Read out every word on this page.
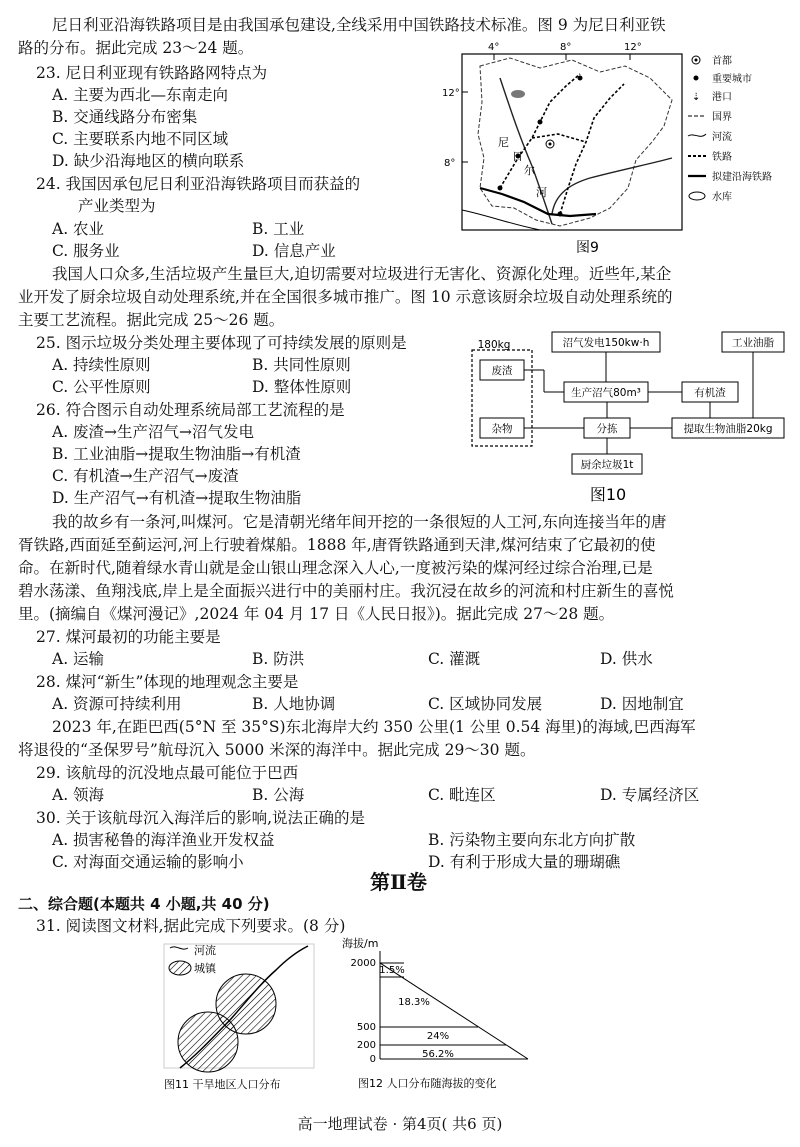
尼日利亚沿海铁路项目是由我国承包建设,全线采用中国铁路技术标准。图 9 为尼日利亚铁
路的分布。据此完成 23～24 题。
23. 尼日利亚现有铁路路网特点为
A. 主要为西北—东南走向
B. 交通线路分布密集
C. 主要联系内地不同区域
D. 缺少沿海地区的横向联系
24. 我国因承包尼日利亚沿海铁路项目而获益的
产业类型为
A. 农业	B. 工业
C. 服务业	D. 信息产业
4°	8°	12°
12°
8°
尼
日
尔
河
首都
重要城市
⇣ 港口
国界
河流
铁路
拟建沿海铁路
水库
图9
我国人口众多,生活垃圾产生量巨大,迫切需要对垃圾进行无害化、资源化处理。近些年,某企
业开发了厨余垃圾自动处理系统,并在全国很多城市推广。图 10 示意该厨余垃圾自动处理系统的
主要工艺流程。据此完成 25～26 题。
25. 图示垃圾分类处理主要体现了可持续发展的原则是
A. 持续性原则	B. 共同性原则
C. 公平性原则	D. 整体性原则
26. 符合图示自动处理系统局部工艺流程的是
A. 废渣→生产沼气→沼气发电
B. 工业油脂→提取生物油脂→有机渣
C. 有机渣→生产沼气→废渣
D. 生产沼气→有机渣→提取生物油脂
沼气发电150kw·h	工业油脂
180kg
废渣
生产沼气80m³	有机渣
杂物	分拣	提取生物油脂20kg
厨余垃圾1t
图10
我的故乡有一条河,叫煤河。它是清朝光绪年间开挖的一条很短的人工河,东向连接当年的唐
胥铁路,西面延至蓟运河,河上行驶着煤船。1888 年,唐胥铁路通到天津,煤河结束了它最初的使
命。在新时代,随着绿水青山就是金山银山理念深入人心,一度被污染的煤河经过综合治理,已是
碧水荡漾、鱼翔浅底,岸上是全面振兴进行中的美丽村庄。我沉浸在故乡的河流和村庄新生的喜悦
里。(摘编自《煤河漫记》,2024 年 04 月 17 日《人民日报》)。据此完成 27～28 题。
27. 煤河最初的功能主要是
A. 运输	B. 防洪	C. 灌溉	D. 供水
28. 煤河“新生”体现的地理观念主要是
A. 资源可持续利用	B. 人地协调	C. 区域协同发展	D. 因地制宜
2023 年,在距巴西(5°N 至 35°S)东北海岸大约 350 公里(1 公里 0.54 海里)的海域,巴西海军
将退役的“圣保罗号”航母沉入 5000 米深的海洋中。据此完成 29～30 题。
29. 该航母的沉没地点最可能位于巴西
A. 领海	B. 公海	C. 毗连区	D. 专属经济区
30. 关于该航母沉入海洋后的影响,说法正确的是
A. 损害秘鲁的海洋渔业开发权益	B. 污染物主要向东北方向扩散
C. 对海面交通运输的影响小	D. 有利于形成大量的珊瑚礁
第Ⅱ卷
二、综合题(本题共 4 小题,共 40 分)
31. 阅读图文材料,据此完成下列要求。(8 分)
河流
城镇
图11 干旱地区人口分布
海拔/m
2000
500
200
0
1.5%
18.3%
24%
56.2%
图12 人口分布随海拔的变化
高一地理试卷 · 第4页( 共6 页)
